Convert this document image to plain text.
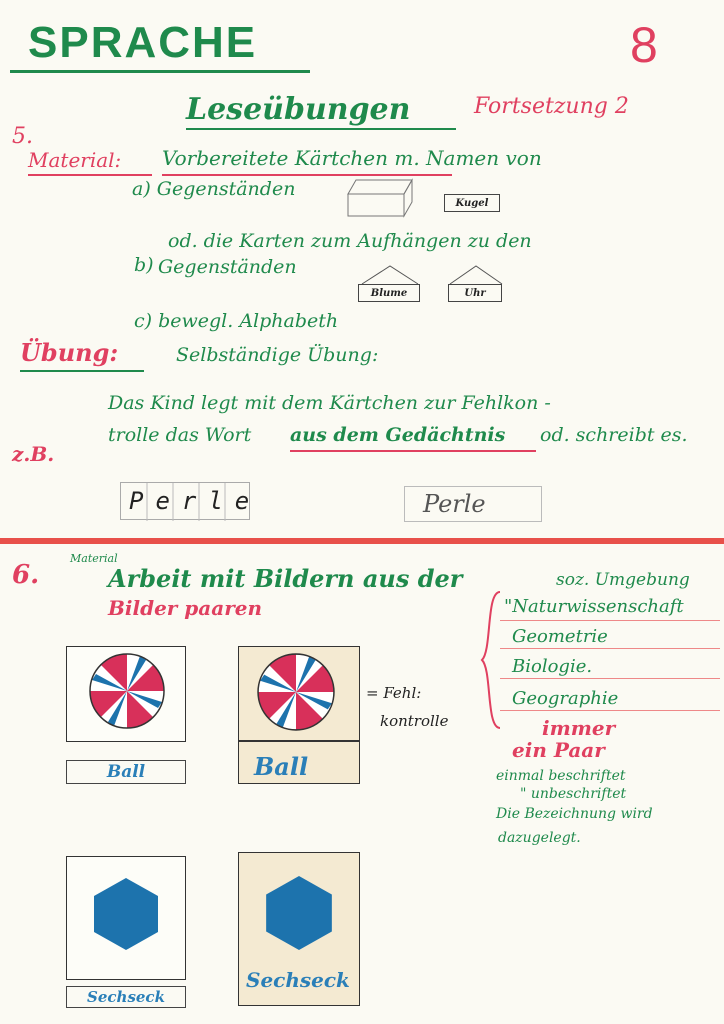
SPRACHE	8
Leseübungen	Fortsetzung 2
5.
Material: Vorbereitete Kärtchen m. Namen von
a) Gegenständen
Kugel
od. die Karten zum Aufhängen zu den
b) Gegenständen
Blume	Uhr
c) bewegl. Alphabeth
Übung:	Selbständige Übung:
Das Kind legt mit dem Kärtchen zur Fehlkon -
trolle das Wort aus dem Gedächtnis od. schreibt es.
z.B.
Perle	Perle
6.
Material
Arbeit mit Bildern aus der	soz. Umgebung
Bilder paaren	"Naturwissenschaft
Geometrie
Biologie.
Geographie
immer
ein Paar
einmal beschriftet
" unbeschriftet
Die Bezeichnung wird
dazugelegt.
= Fehl:
kontrolle
Ball	Ball
Sechseck
Sechseck
